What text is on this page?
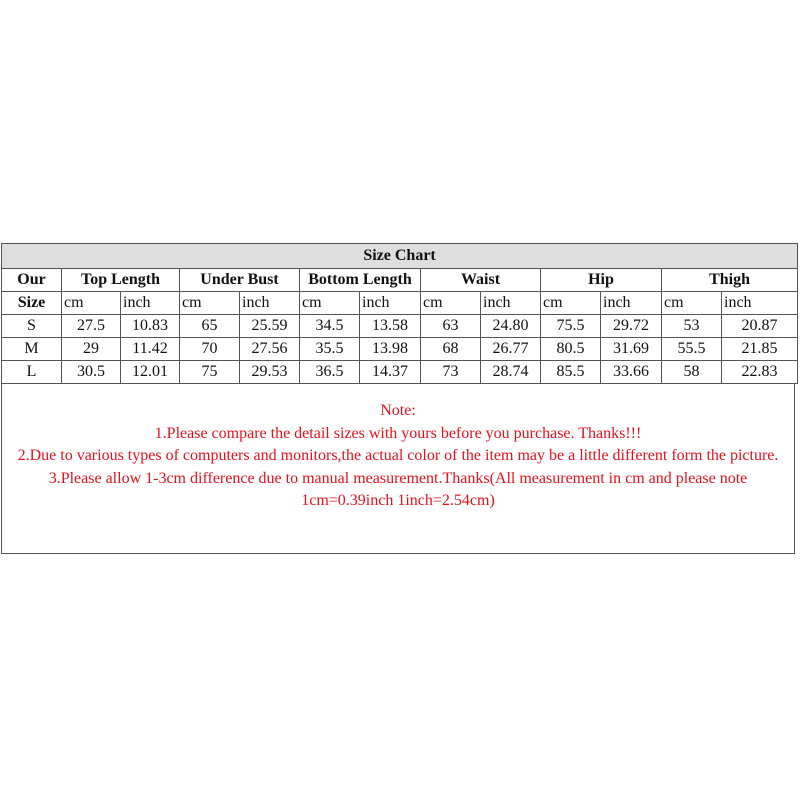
Size Chart												
Our	Top Length		Under Bust		Bottom Length		Waist		Hip		Thigh	
Size	cm	inch	cm	inch	cm	inch	cm	inch	cm	inch	cm	inch
S	27.5	10.83	65	25.59	34.5	13.58	63	24.80	75.5	29.72	53	20.87
M	29	11.42	70	27.56	35.5	13.98	68	26.77	80.5	31.69	55.5	21.85
L	30.5	12.01	75	29.53	36.5	14.37	73	28.74	85.5	33.66	58	22.83
Note:
1.Please compare the detail sizes with yours before you purchase. Thanks!!!
2.Due to various types of computers and monitors,the actual color of the item may be a little different form the picture.
3.Please allow 1-3cm difference due to manual measurement.Thanks(All measurement in cm and please note 1cm=0.39inch 1inch=2.54cm)
